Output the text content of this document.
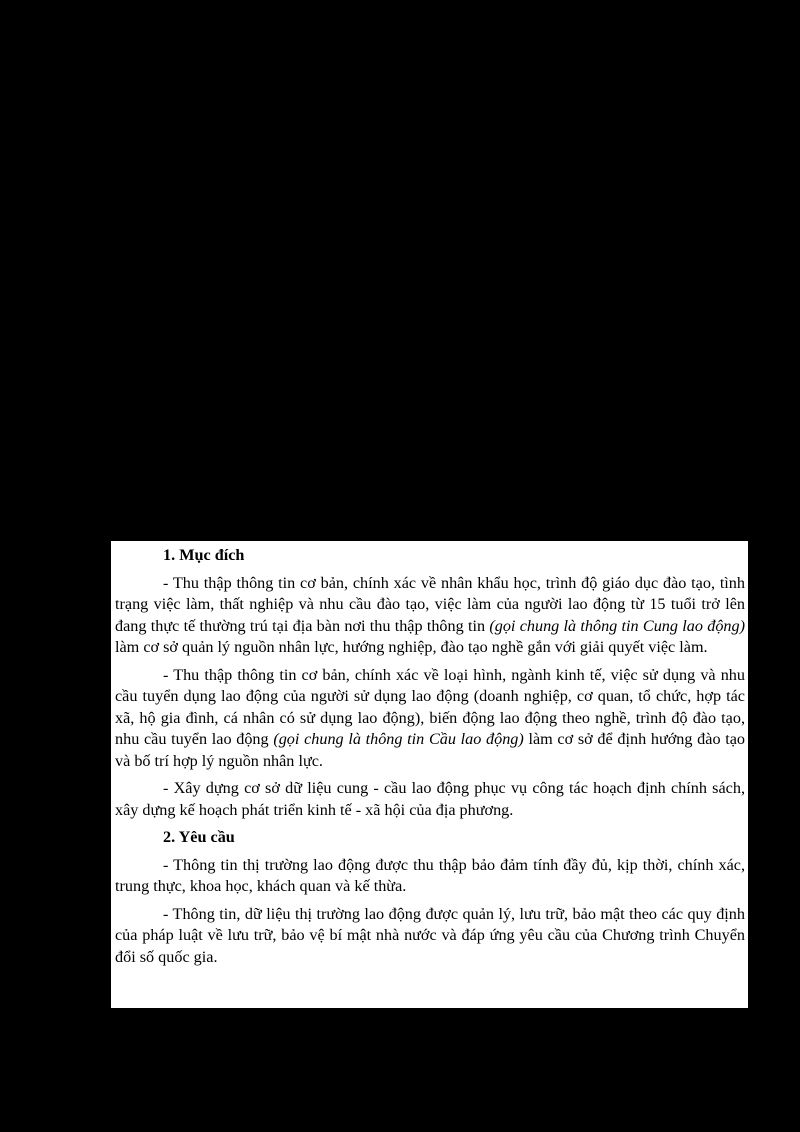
1. Mục đích

- Thu thập thông tin cơ bản, chính xác về nhân khẩu học, trình độ giáo dục đào tạo, tình trạng việc làm, thất nghiệp và nhu cầu đào tạo, việc làm của người lao động từ 15 tuổi trở lên đang thực tế thường trú tại địa bàn nơi thu thập thông tin (gọi chung là thông tin Cung lao động) làm cơ sở quản lý nguồn nhân lực, hướng nghiệp, đào tạo nghề gắn với giải quyết việc làm.

- Thu thập thông tin cơ bản, chính xác về loại hình, ngành kinh tế, việc sử dụng và nhu cầu tuyển dụng lao động của người sử dụng lao động (doanh nghiệp, cơ quan, tổ chức, hợp tác xã, hộ gia đình, cá nhân có sử dụng lao động), biến động lao động theo nghề, trình độ đào tạo, nhu cầu tuyển lao động (gọi chung là thông tin Cầu lao động) làm cơ sở để định hướng đào tạo và bố trí hợp lý nguồn nhân lực.

- Xây dựng cơ sở dữ liệu cung - cầu lao động phục vụ công tác hoạch định chính sách, xây dựng kế hoạch phát triển kinh tế - xã hội của địa phương.

2. Yêu cầu

- Thông tin thị trường lao động được thu thập bảo đảm tính đầy đủ, kịp thời, chính xác, trung thực, khoa học, khách quan và kế thừa.

- Thông tin, dữ liệu thị trường lao động được quản lý, lưu trữ, bảo mật theo các quy định của pháp luật về lưu trữ, bảo vệ bí mật nhà nước và đáp ứng yêu cầu của Chương trình Chuyển đổi số quốc gia.
